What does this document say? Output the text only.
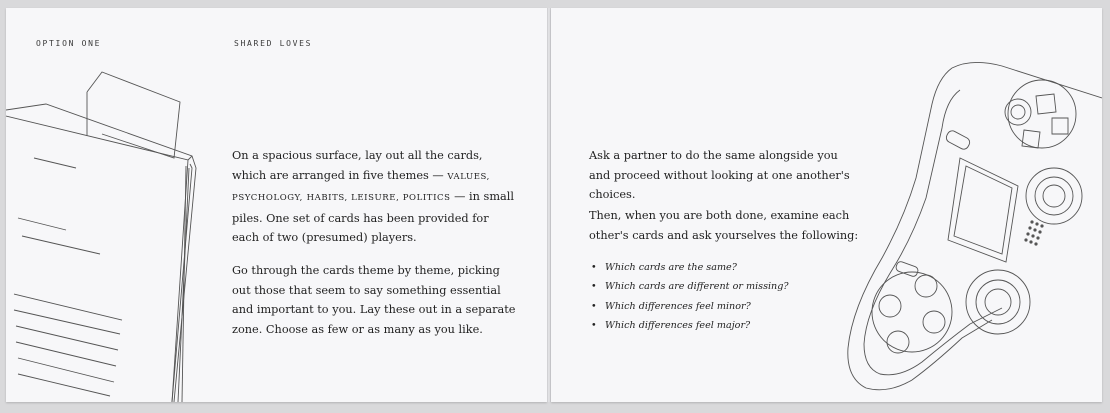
OPTION ONE	SHARED LOVES

On a spacious surface, lay out all the cards, which are arranged in five themes — VALUES, PSYCHOLOGY, HABITS, LEISURE, POLITICS — in small piles. One set of cards has been provided for each of two (presumed) players.

Go through the cards theme by theme, picking out those that seem to say something essential and important to you. Lay these out in a separate zone. Choose as few or as many as you like.

Ask a partner to do the same alongside you and proceed without looking at one another's choices.

Then, when you are both done, examine each other's cards and ask yourselves the following:

• Which cards are the same?
• Which cards are different or missing?
• Which differences feel minor?
• Which differences feel major?
